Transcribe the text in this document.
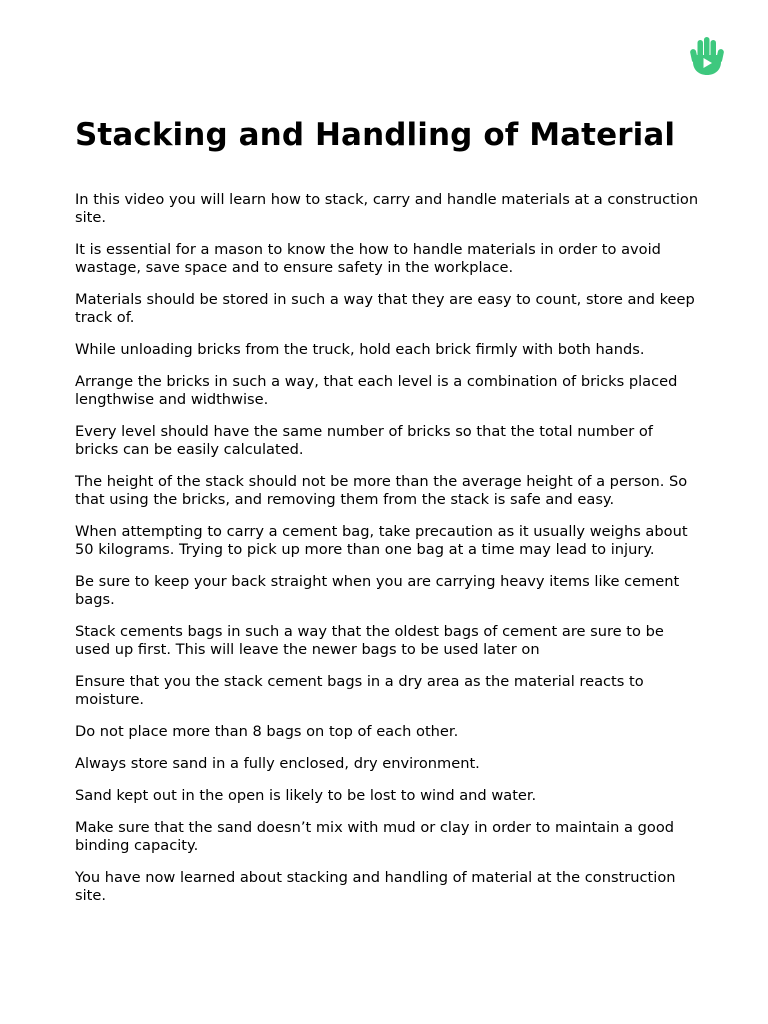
Stacking and Handling of Material

In this video you will learn how to stack, carry and handle materials at a construction site.

It is essential for a mason to know the how to handle materials in order to avoid wastage, save space and to ensure safety in the workplace.

Materials should be stored in such a way that they are easy to count, store and keep track of.

While unloading bricks from the truck, hold each brick firmly with both hands.

Arrange the bricks in such a way, that each level is a combination of bricks placed lengthwise and widthwise.

Every level should have the same number of bricks so that the total number of bricks can be easily calculated.

The height of the stack should not be more than the average height of a person. So that using the bricks, and removing them from the stack is safe and easy.

When attempting to carry a cement bag, take precaution as it usually weighs about 50 kilograms. Trying to pick up more than one bag at a time may lead to injury.

Be sure to keep your back straight when you are carrying heavy items like cement bags.

Stack cements bags in such a way that the oldest bags of cement are sure to be used up first. This will leave the newer bags to be used later on

Ensure that you the stack cement bags in a dry area as the material reacts to moisture.

Do not place more than 8 bags on top of each other.

Always store sand in a fully enclosed, dry environment.

Sand kept out in the open is likely to be lost to wind and water.

Make sure that the sand doesn’t mix with mud or clay in order to maintain a good binding capacity.

You have now learned about stacking and handling of material at the construction site.
